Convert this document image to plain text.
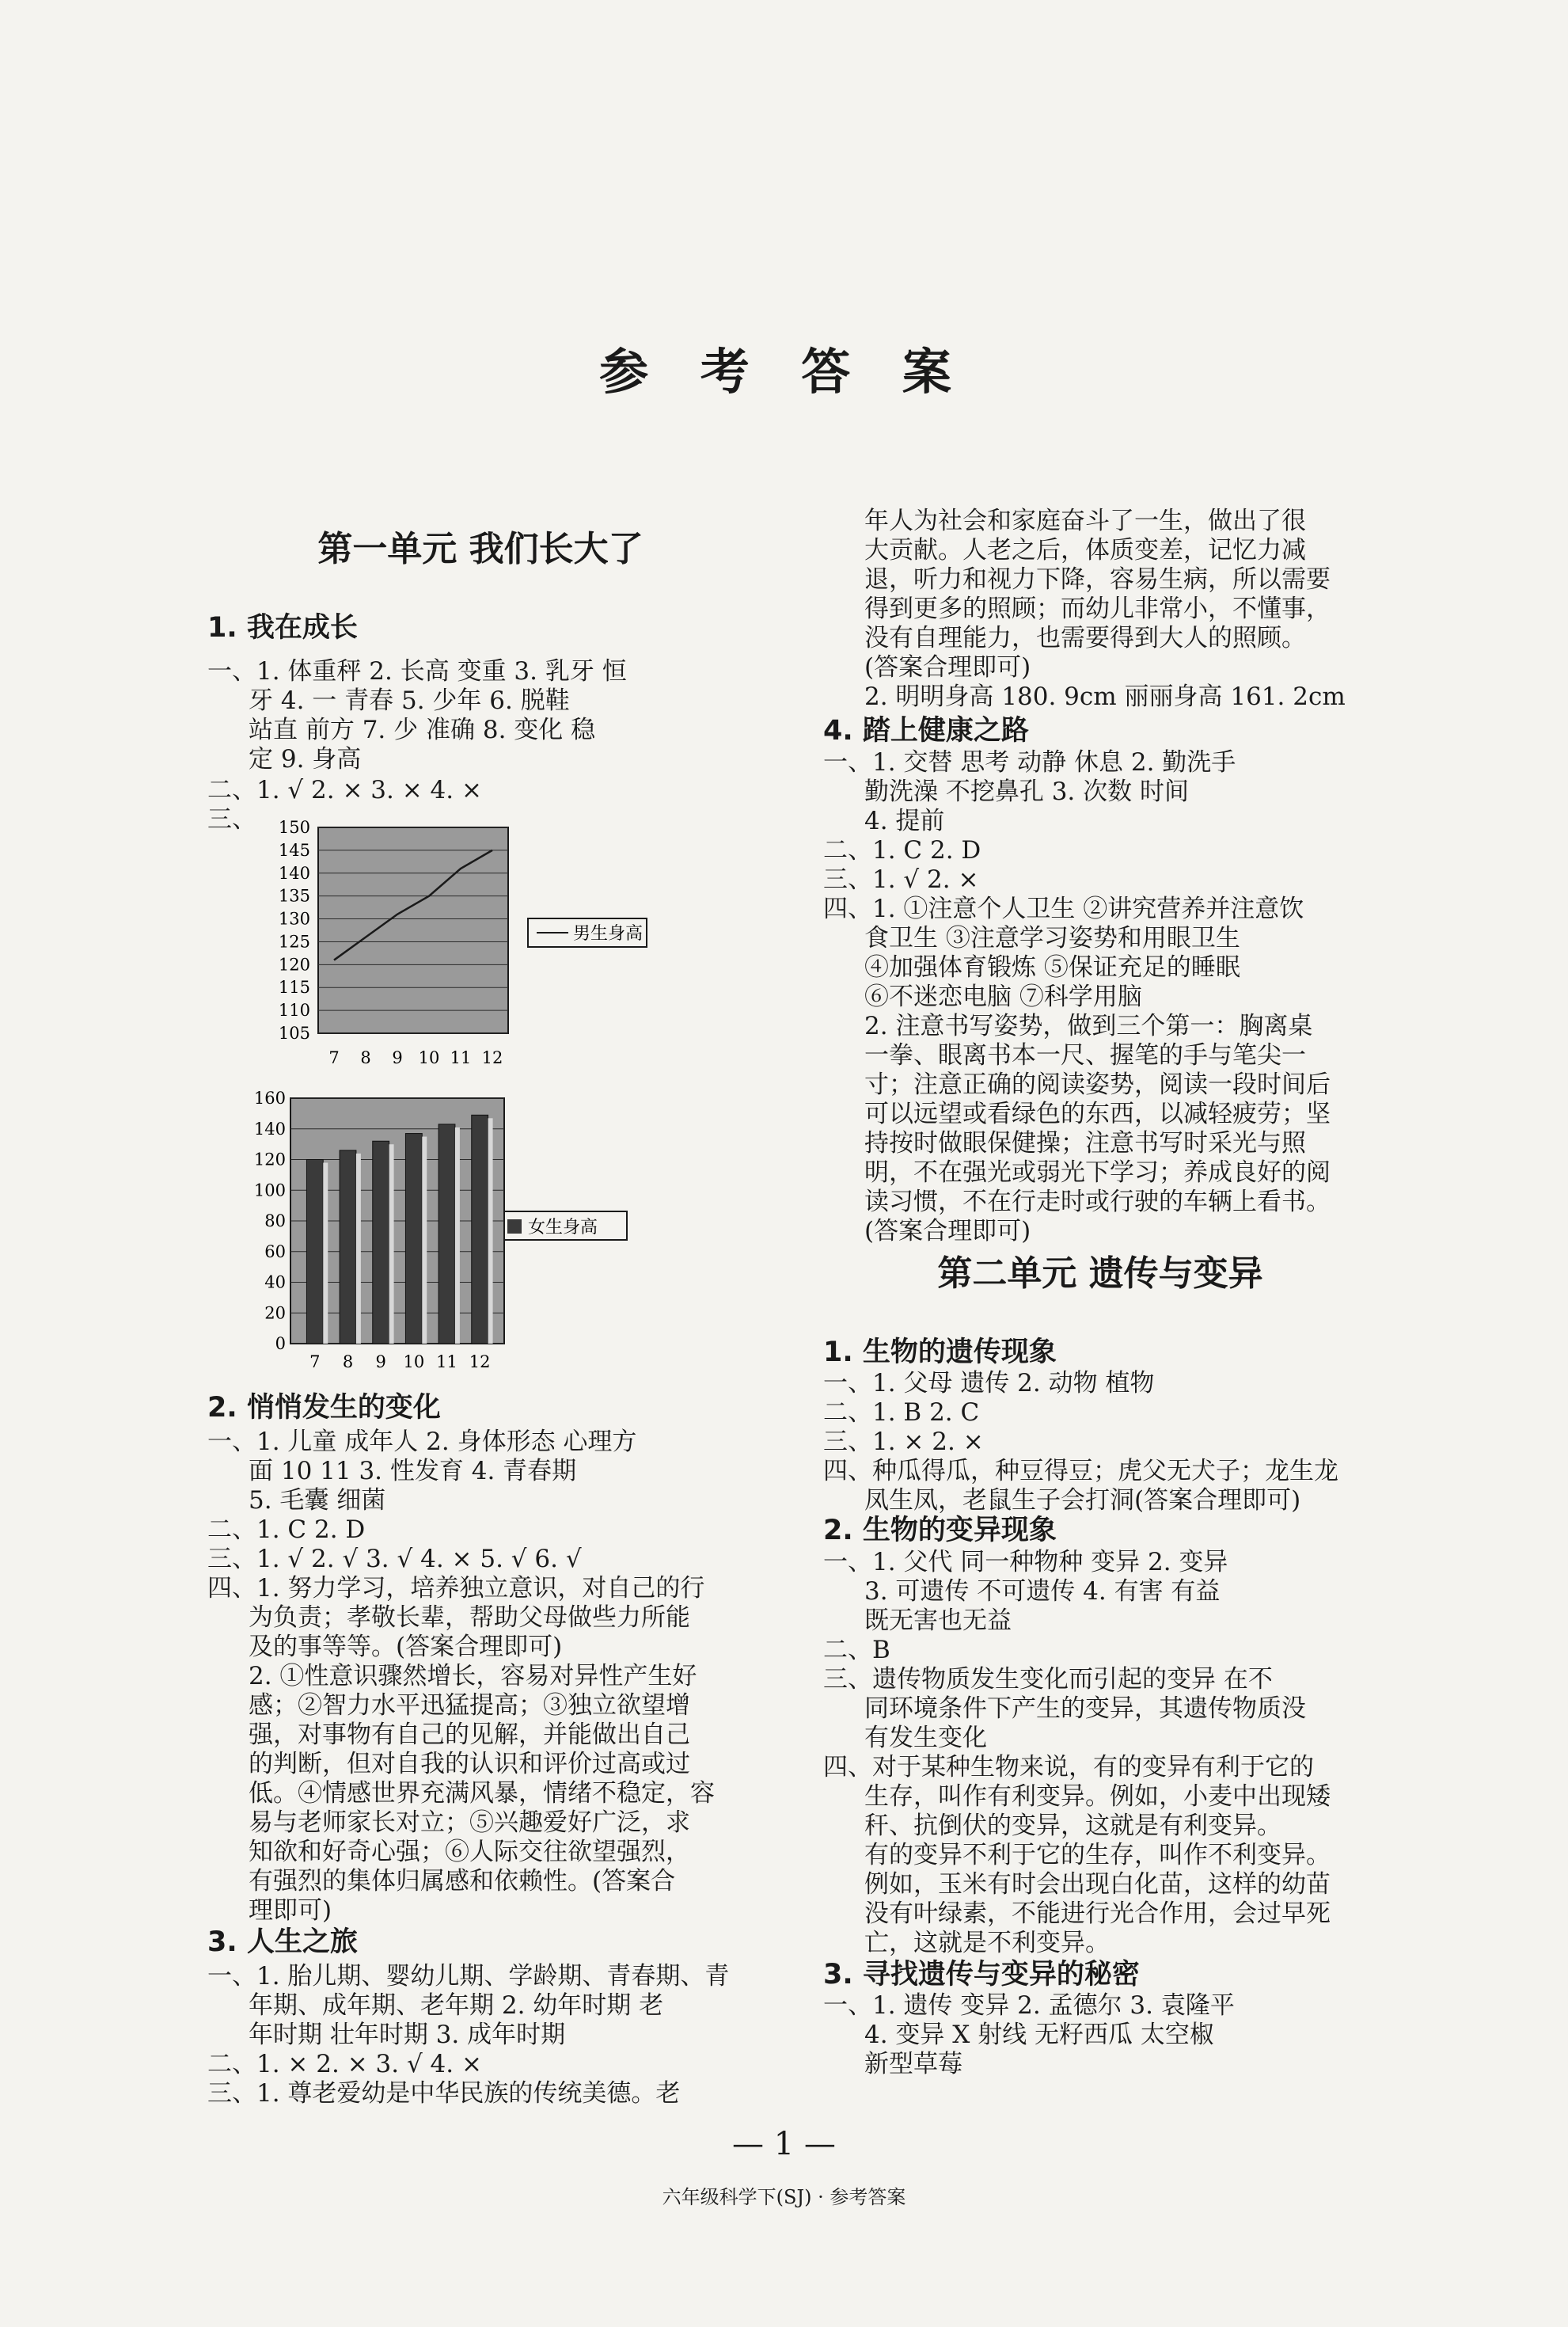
参 考 答 案
第一单元 我们长大了
1. 我在成长
一、1. 体重秤 2. 长高 变重 3. 乳牙 恒
牙 4. 一 青春 5. 少年 6. 脱鞋
站直 前方 7. 少 准确 8. 变化 稳
定 9. 身高
二、1. √ 2. × 3. × 4. ×
三、
男生身高
150
145
140
135
130
125
120
115
110
105
7 8 9 10 11 12
女生身高
160
140
120
100
80
60
40
20
0
7 8 9 10 11 12
2. 悄悄发生的变化
一、1. 儿童 成年人 2. 身体形态 心理方
面 10 11 3. 性发育 4. 青春期
5. 毛囊 细菌
二、1. C 2. D
三、1. √ 2. √ 3. √ 4. × 5. √ 6. √
四、1. 努力学习，培养独立意识，对自己的行
为负责；孝敬长辈，帮助父母做些力所能
及的事等等。(答案合理即可)
2. ①性意识骤然增长，容易对异性产生好
感；②智力水平迅猛提高；③独立欲望增
强，对事物有自己的见解，并能做出自己
的判断，但对自我的认识和评价过高或过
低。④情感世界充满风暴，情绪不稳定，容
易与老师家长对立；⑤兴趣爱好广泛，求
知欲和好奇心强；⑥人际交往欲望强烈，
有强烈的集体归属感和依赖性。(答案合
理即可)
3. 人生之旅
一、1. 胎儿期、婴幼儿期、学龄期、青春期、青
年期、成年期、老年期 2. 幼年时期 老
年时期 壮年时期 3. 成年时期
二、1. × 2. × 3. √ 4. ×
三、1. 尊老爱幼是中华民族的传统美德。老
年人为社会和家庭奋斗了一生，做出了很
大贡献。人老之后，体质变差，记忆力减
退，听力和视力下降，容易生病，所以需要
得到更多的照顾；而幼儿非常小，不懂事，
没有自理能力，也需要得到大人的照顾。
(答案合理即可)
2. 明明身高 180. 9cm 丽丽身高 161. 2cm
4. 踏上健康之路
一、1. 交替 思考 动静 休息 2. 勤洗手
勤洗澡 不挖鼻孔 3. 次数 时间
4. 提前
二、1. C 2. D
三、1. √ 2. ×
四、1. ①注意个人卫生 ②讲究营养并注意饮
食卫生 ③注意学习姿势和用眼卫生
④加强体育锻炼 ⑤保证充足的睡眠
⑥不迷恋电脑 ⑦科学用脑
2. 注意书写姿势，做到三个第一：胸离桌
一拳、眼离书本一尺、握笔的手与笔尖一
寸；注意正确的阅读姿势，阅读一段时间后
可以远望或看绿色的东西，以减轻疲劳；坚
持按时做眼保健操；注意书写时采光与照
明，不在强光或弱光下学习；养成良好的阅
读习惯，不在行走时或行驶的车辆上看书。
(答案合理即可)
第二单元 遗传与变异
1. 生物的遗传现象
一、1. 父母 遗传 2. 动物 植物
二、1. B 2. C
三、1. × 2. ×
四、种瓜得瓜，种豆得豆；虎父无犬子；龙生龙
凤生凤，老鼠生子会打洞(答案合理即可)
2. 生物的变异现象
一、1. 父代 同一种物种 变异 2. 变异
3. 可遗传 不可遗传 4. 有害 有益
既无害也无益
二、B
三、遗传物质发生变化而引起的变异 在不
同环境条件下产生的变异，其遗传物质没
有发生变化
四、对于某种生物来说，有的变异有利于它的
生存，叫作有利变异。例如，小麦中出现矮
秆、抗倒伏的变异，这就是有利变异。
有的变异不利于它的生存，叫作不利变异。
例如，玉米有时会出现白化苗，这样的幼苗
没有叶绿素，不能进行光合作用，会过早死
亡，这就是不利变异。
3. 寻找遗传与变异的秘密
一、1. 遗传 变异 2. 孟德尔 3. 袁隆平
4. 变异 X 射线 无籽西瓜 太空椒
新型草莓
— 1 —
六年级科学下(SJ) · 参考答案
